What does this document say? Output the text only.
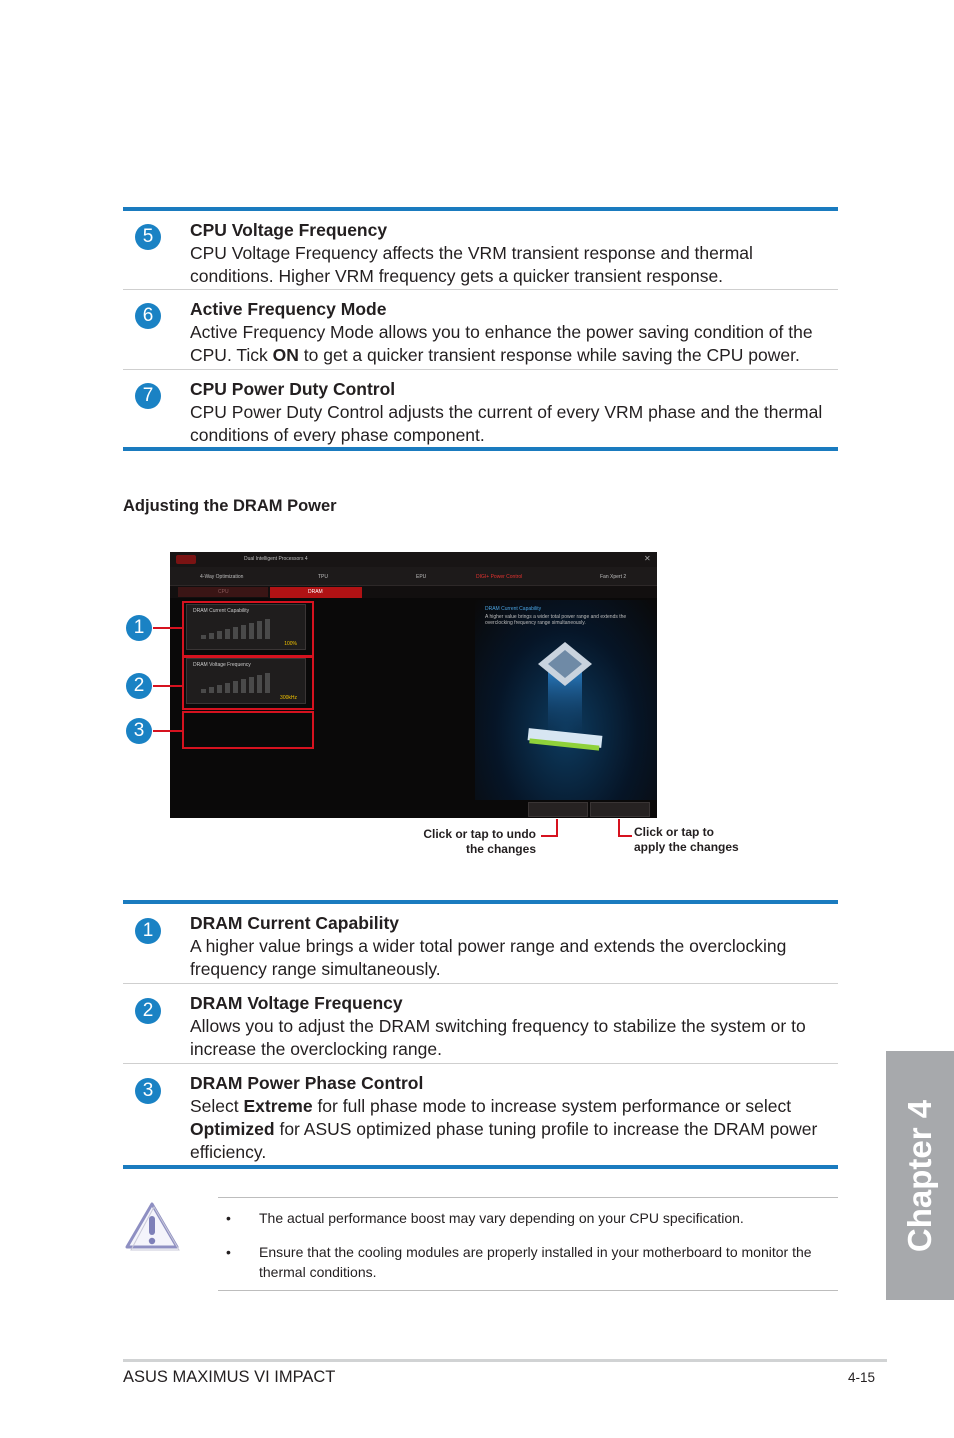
5	CPU Voltage Frequency
CPU Voltage Frequency affects the VRM transient response and thermal conditions. Higher VRM frequency gets a quicker transient response.
6	Active Frequency Mode
Active Frequency Mode allows you to enhance the power saving condition of the CPU. Tick ON to get a quicker transient response while saving the CPU power.
7	CPU Power Duty Control
CPU Power Duty Control adjusts the current of every VRM phase and the thermal conditions of every phase component.
Adjusting the DRAM Power
Dual Intelligent Processors 4	✕
4-Way Optimization	TPU	EPU	DIGI+ Power Control	Fan Xpert 2
CPU	DRAM
DRAM Current Capability
100%
DRAM Voltage Frequency
300kHz
DRAM Current Capability
A higher value brings a wider total power range and extends the overclocking frequency range simultaneously.
1
2
3
Click or tap to undo
the changes
Click or tap to
apply the changes
1	DRAM Current Capability
A higher value brings a wider total power range and extends the overclocking frequency range simultaneously.
2	DRAM Voltage Frequency
Allows you to adjust the DRAM switching frequency to stabilize the system or to increase the overclocking range.
3	DRAM Power Phase Control
Select Extreme for full phase mode to increase system performance or select Optimized for ASUS optimized phase tuning profile to increase the DRAM power efficiency.
• The actual performance boost may vary depending on your CPU specification.
• Ensure that the cooling modules are properly installed in your motherboard to monitor the thermal conditions.
Chapter 4
ASUS MAXIMUS VI IMPACT	4-15
